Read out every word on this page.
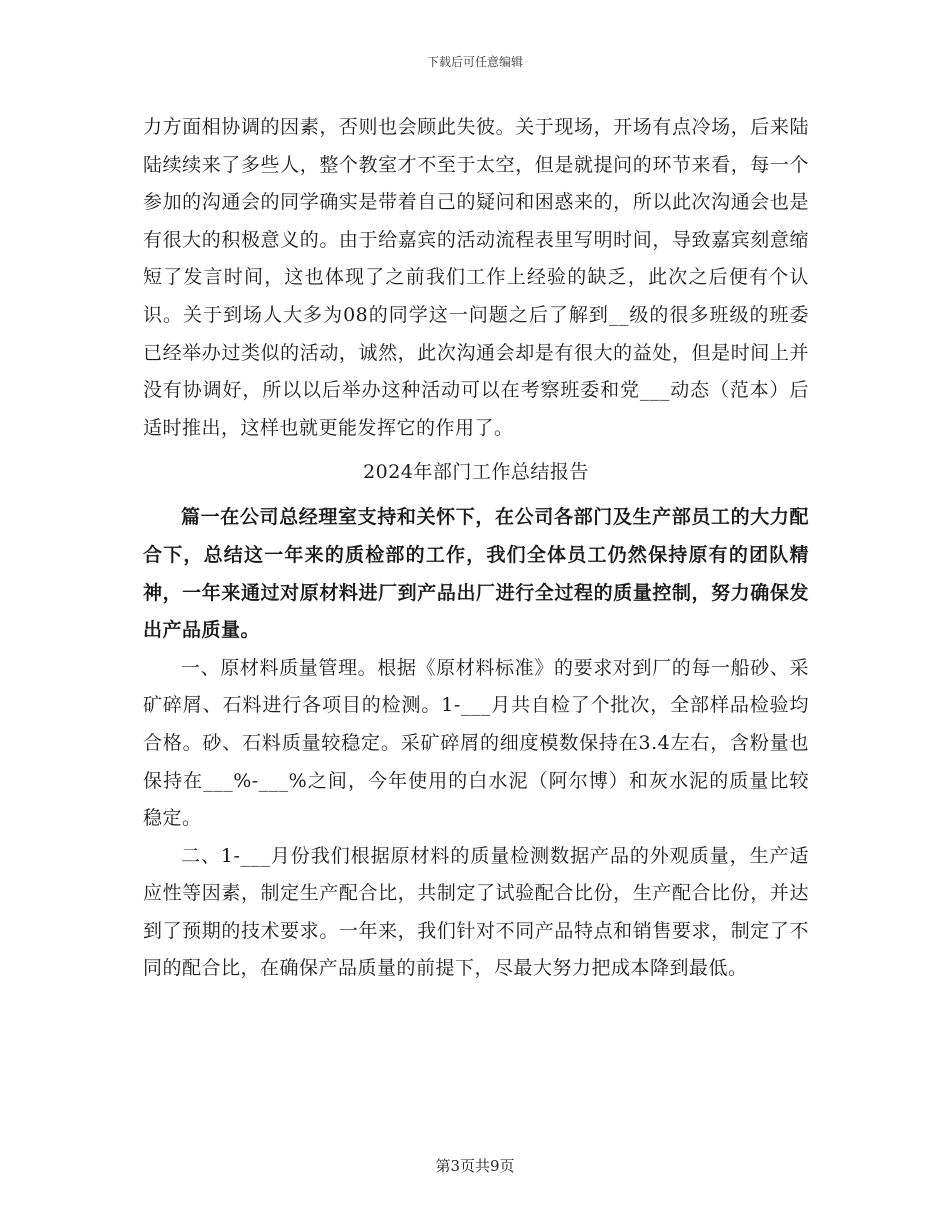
下载后可任意编辑

力方面相协调的因素，否则也会顾此失彼。关于现场，开场有点冷场，后来陆陆续续来了多些人，整个教室才不至于太空，但是就提问的环节来看，每一个参加的沟通会的同学确实是带着自己的疑问和困惑来的，所以此次沟通会也是有很大的积极意义的。由于给嘉宾的活动流程表里写明时间，导致嘉宾刻意缩短了发言时间，这也体现了之前我们工作上经验的缺乏，此次之后便有个认识。关于到场人大多为08的同学这一问题之后了解到__级的很多班级的班委已经举办过类似的活动，诚然，此次沟通会却是有很大的益处，但是时间上并没有协调好，所以以后举办这种活动可以在考察班委和党___动态（范本）后适时推出，这样也就更能发挥它的作用了。

2024年部门工作总结报告

篇一在公司总经理室支持和关怀下，在公司各部门及生产部员工的大力配合下，总结这一年来的质检部的工作，我们全体员工仍然保持原有的团队精神，一年来通过对原材料进厂到产品出厂进行全过程的质量控制，努力确保发出产品质量。

一、原材料质量管理。根据《原材料标准》的要求对到厂的每一船砂、采矿碎屑、石料进行各项目的检测。1-___月共自检了个批次，全部样品检验均合格。砂、石料质量较稳定。采矿碎屑的细度模数保持在3.4左右，含粉量也保持在___%-___%之间，今年使用的白水泥（阿尔博）和灰水泥的质量比较稳定。

二、1-___月份我们根据原材料的质量检测数据产品的外观质量，生产适应性等因素，制定生产配合比，共制定了试验配合比份，生产配合比份，并达到了预期的技术要求。一年来，我们针对不同产品特点和销售要求，制定了不同的配合比，在确保产品质量的前提下，尽最大努力把成本降到最低。

第3页共9页
